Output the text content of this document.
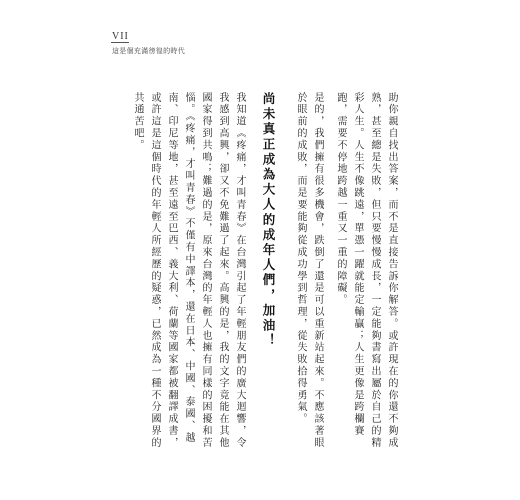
VII
這是個充滿徬徨的時代

助你親自找出答案，而不是直接告訴你解答。或許現在的你還不夠成熟，甚至總是失敗，但只要慢慢成長，一定能夠書寫出屬於自己的精彩人生。人生不像跳遠，單憑一躍就能定輸贏；人生更像是跨欄賽跑，需要不停地跨越一重又一重的障礙。

是的，我們擁有很多機會，跌倒了還是可以重新站起來。不應該著眼於眼前的成敗，而是要能夠從成功學到哲理，從失敗拾得勇氣。

尚未真正成為大人的成年人們，加油！

我知道《疼痛，才叫青春》在台灣引起了年輕朋友們的廣大迴響，令我感到高興，卻又不免難過了起來。高興的是，我的文字竟能在其他國家得到共鳴；難過的是，原來台灣的年輕人也擁有同樣的困擾和苦惱。《疼痛，才叫青春》不僅有中譯本，還在日本、中國、泰國、越南、印尼等地，甚至遠至巴西、義大利、荷蘭等國家都被翻譯成書，或許這是這個時代的年輕人所經歷的疑惑，已然成為一種不分國界的共通苦吧。
